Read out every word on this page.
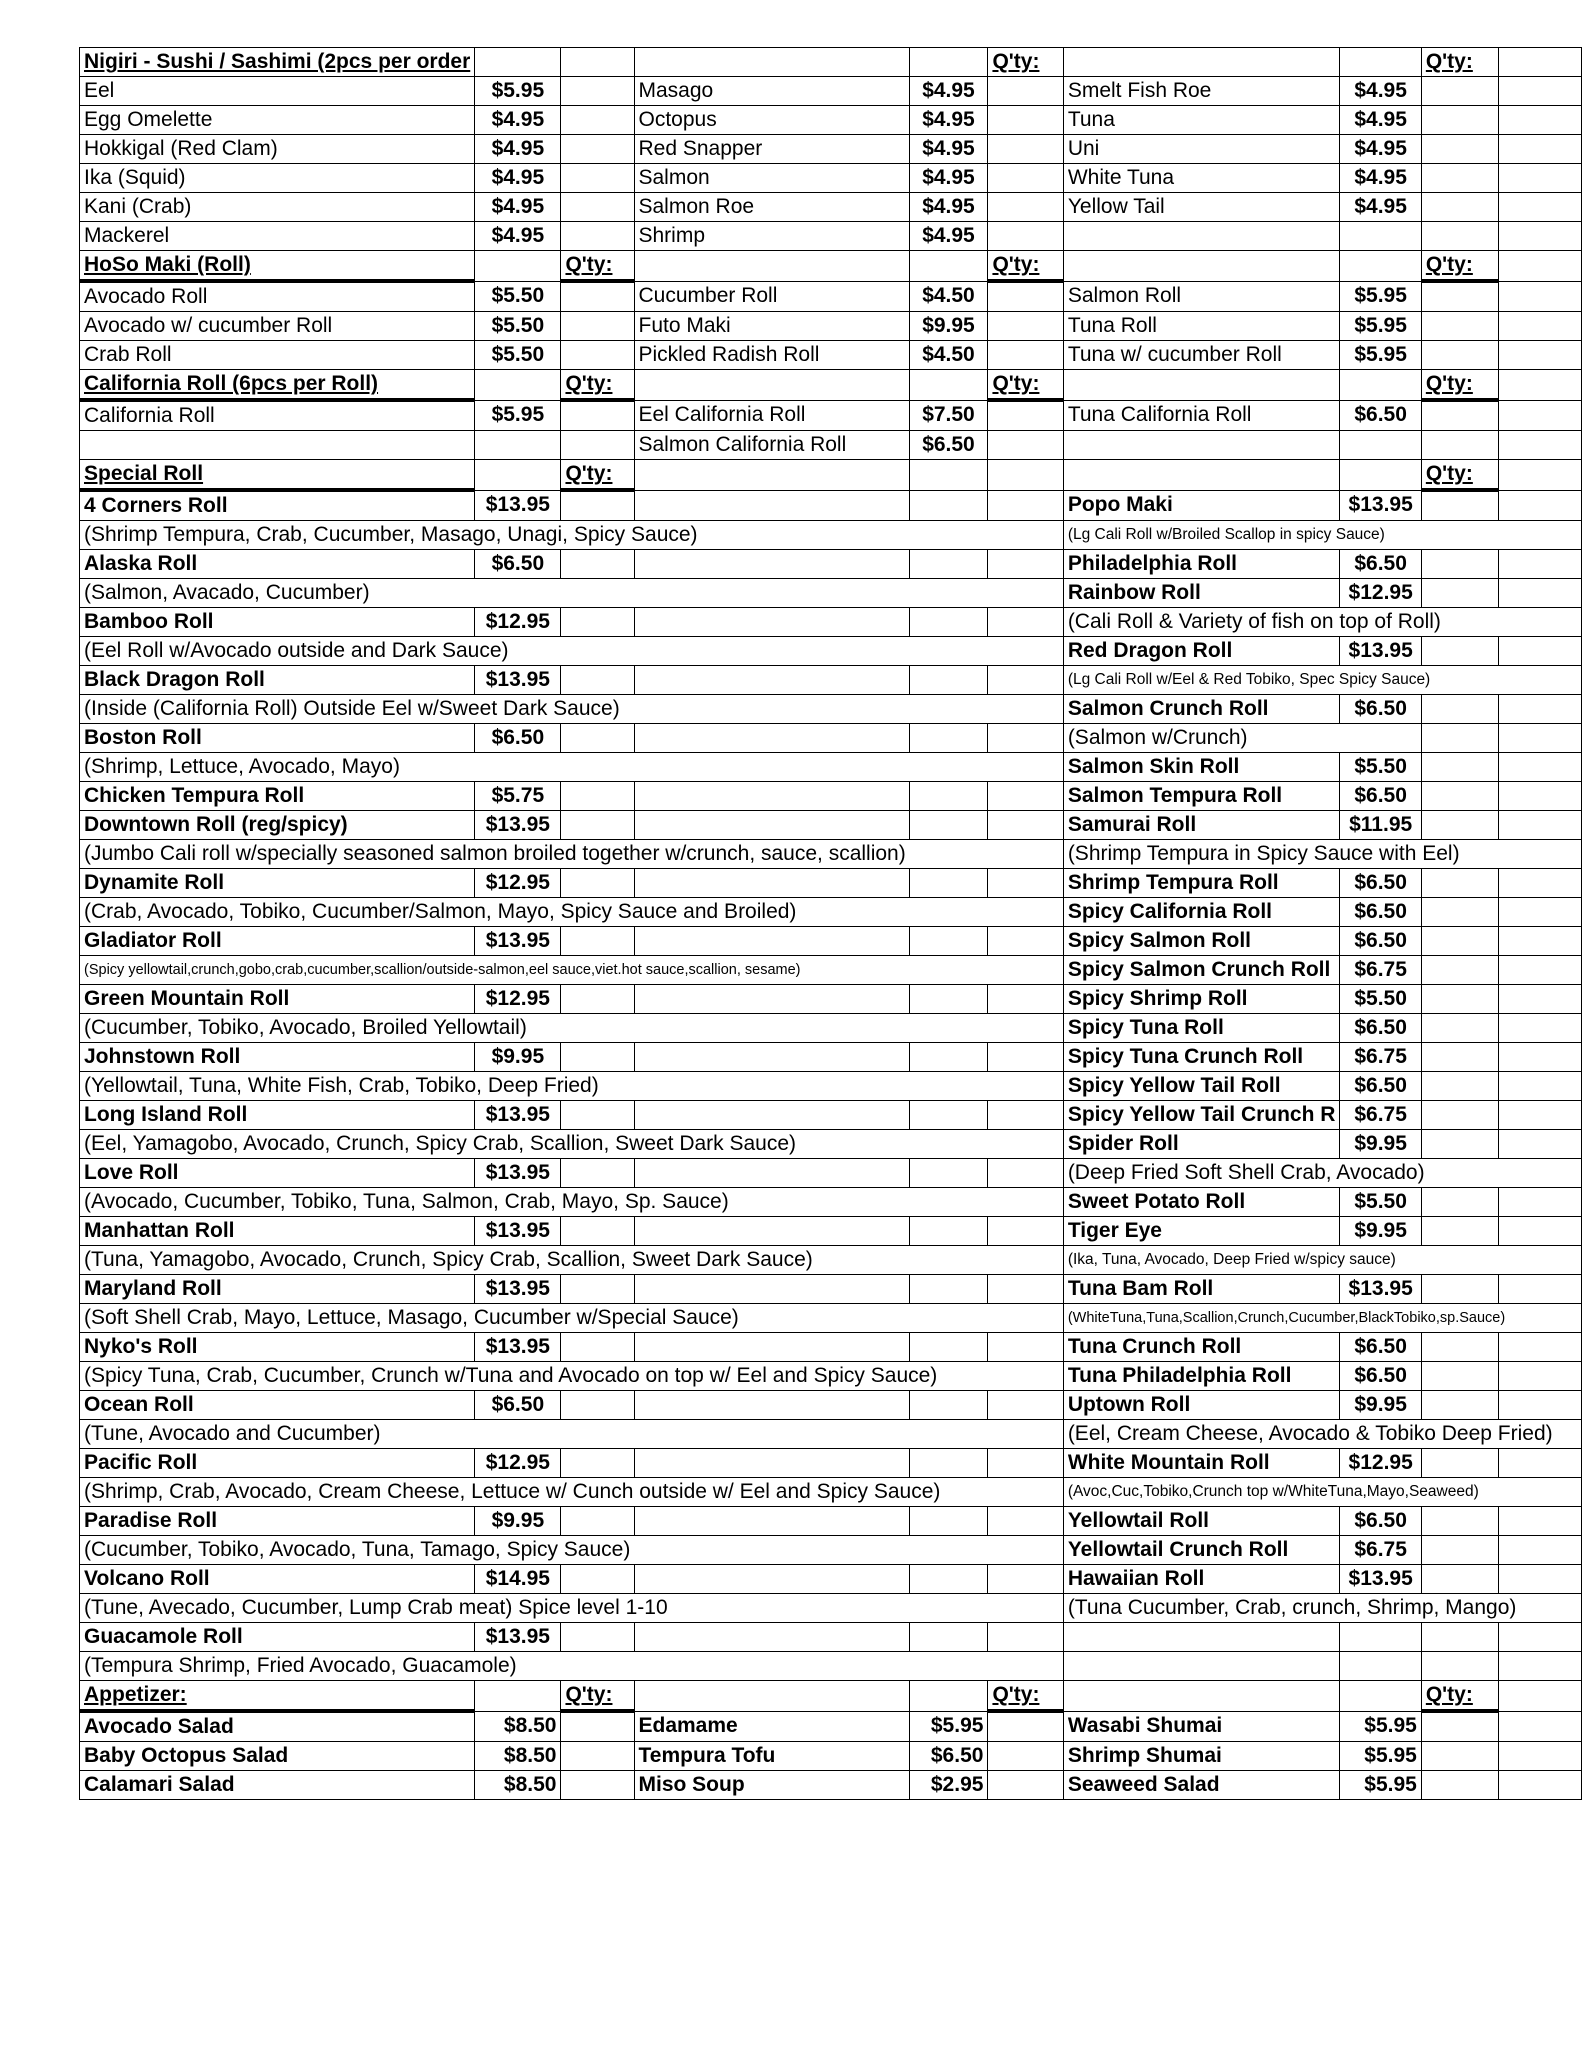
Nigiri - Sushi / Sashimi (2pcs per order					Q'ty:			Q'ty:	
Eel	$5.95		Masago	$4.95		Smelt Fish Roe	$4.95		
Egg Omelette	$4.95		Octopus	$4.95		Tuna	$4.95		
Hokkigal (Red Clam)	$4.95		Red Snapper	$4.95		Uni	$4.95		
Ika (Squid)	$4.95		Salmon	$4.95		White Tuna	$4.95		
Kani (Crab)	$4.95		Salmon Roe	$4.95		Yellow Tail	$4.95		
Mackerel	$4.95		Shrimp	$4.95					
HoSo Maki (Roll)		Q'ty:			Q'ty:			Q'ty:	
Avocado Roll	$5.50		Cucumber Roll	$4.50		Salmon Roll	$5.95		
Avocado w/ cucumber Roll	$5.50		Futo Maki	$9.95		Tuna Roll	$5.95		
Crab Roll	$5.50		Pickled Radish Roll	$4.50		Tuna w/ cucumber Roll	$5.95		
California Roll (6pcs per Roll)		Q'ty:			Q'ty:			Q'ty:	
California Roll	$5.95		Eel California Roll	$7.50		Tuna California Roll	$6.50		
			Salmon California Roll	$6.50					
Special Roll		Q'ty:						Q'ty:	
4 Corners Roll	$13.95					Popo Maki	$13.95		
(Shrimp Tempura, Crab, Cucumber, Masago, Unagi, Spicy Sauce)						(Lg Cali Roll w/Broiled Scallop in spicy Sauce)			
Alaska Roll	$6.50					Philadelphia Roll	$6.50		
(Salmon, Avacado, Cucumber)						Rainbow Roll	$12.95		
Bamboo Roll	$12.95					(Cali Roll & Variety of fish on top of Roll)			
(Eel Roll w/Avocado outside and Dark Sauce)						Red Dragon Roll	$13.95		
Black Dragon Roll	$13.95					(Lg Cali Roll w/Eel & Red Tobiko, Spec Spicy Sauce)			
(Inside (California Roll) Outside Eel w/Sweet Dark Sauce)						Salmon Crunch Roll	$6.50		
Boston Roll	$6.50					(Salmon w/Crunch)			
(Shrimp, Lettuce, Avocado, Mayo)						Salmon Skin Roll	$5.50		
Chicken Tempura Roll	$5.75					Salmon Tempura Roll	$6.50		
Downtown Roll (reg/spicy)	$13.95					Samurai Roll	$11.95		
(Jumbo Cali roll w/specially seasoned salmon broiled together w/crunch, sauce, scallion)						(Shrimp Tempura in Spicy Sauce with Eel)			
Dynamite Roll	$12.95					Shrimp Tempura Roll	$6.50		
(Crab, Avocado, Tobiko, Cucumber/Salmon, Mayo, Spicy Sauce and Broiled)						Spicy California Roll	$6.50		
Gladiator Roll	$13.95					Spicy Salmon Roll	$6.50		
(Spicy yellowtail,crunch,gobo,crab,cucumber,scallion/outside-salmon,eel sauce,viet.hot sauce,scallion, sesame)						Spicy Salmon Crunch Roll	$6.75		
Green Mountain Roll	$12.95					Spicy Shrimp Roll	$5.50		
(Cucumber, Tobiko, Avocado, Broiled Yellowtail)						Spicy Tuna Roll	$6.50		
Johnstown Roll	$9.95					Spicy Tuna Crunch Roll	$6.75		
(Yellowtail, Tuna, White Fish, Crab, Tobiko, Deep Fried)						Spicy Yellow Tail Roll	$6.50		
Long Island Roll	$13.95					Spicy Yellow Tail Crunch R	$6.75		
(Eel, Yamagobo, Avocado, Crunch, Spicy Crab, Scallion, Sweet Dark Sauce)						Spider Roll	$9.95		
Love Roll	$13.95					(Deep Fried Soft Shell Crab, Avocado)			
(Avocado, Cucumber, Tobiko, Tuna, Salmon, Crab, Mayo, Sp. Sauce)						Sweet Potato Roll	$5.50		
Manhattan Roll	$13.95					Tiger Eye	$9.95		
(Tuna, Yamagobo, Avocado, Crunch, Spicy Crab, Scallion, Sweet Dark Sauce)						(Ika, Tuna, Avocado, Deep Fried w/spicy sauce)			
Maryland Roll	$13.95					Tuna Bam Roll	$13.95		
(Soft Shell Crab, Mayo, Lettuce, Masago, Cucumber w/Special Sauce)						(WhiteTuna,Tuna,Scallion,Crunch,Cucumber,BlackTobiko,sp.Sauce)			
Nyko's Roll	$13.95					Tuna Crunch Roll	$6.50		
(Spicy Tuna, Crab, Cucumber, Crunch w/Tuna and Avocado on top w/ Eel and Spicy Sauce)						Tuna Philadelphia Roll	$6.50		
Ocean Roll	$6.50					Uptown Roll	$9.95		
(Tune, Avocado and Cucumber)						(Eel, Cream Cheese, Avocado & Tobiko Deep Fried)			
Pacific Roll	$12.95					White Mountain Roll	$12.95		
(Shrimp, Crab, Avocado, Cream Cheese, Lettuce w/ Cunch outside w/ Eel and Spicy Sauce)						(Avoc,Cuc,Tobiko,Crunch top w/WhiteTuna,Mayo,Seaweed)			
Paradise Roll	$9.95					Yellowtail Roll	$6.50		
(Cucumber, Tobiko, Avocado, Tuna, Tamago, Spicy Sauce)						Yellowtail Crunch Roll	$6.75		
Volcano Roll	$14.95					Hawaiian Roll	$13.95		
(Tune, Avecado, Cucumber, Lump Crab meat) Spice level 1-10						(Tuna Cucumber, Crab, crunch, Shrimp, Mango)			
Guacamole Roll	$13.95								
(Tempura Shrimp, Fried Avocado, Guacamole)									
Appetizer:		Q'ty:			Q'ty:			Q'ty:	
Avocado Salad	$8.50		Edamame	$5.95		Wasabi Shumai	$5.95		
Baby Octopus Salad	$8.50		Tempura Tofu	$6.50		Shrimp Shumai	$5.95		
Calamari Salad	$8.50		Miso Soup	$2.95		Seaweed Salad	$5.95		
